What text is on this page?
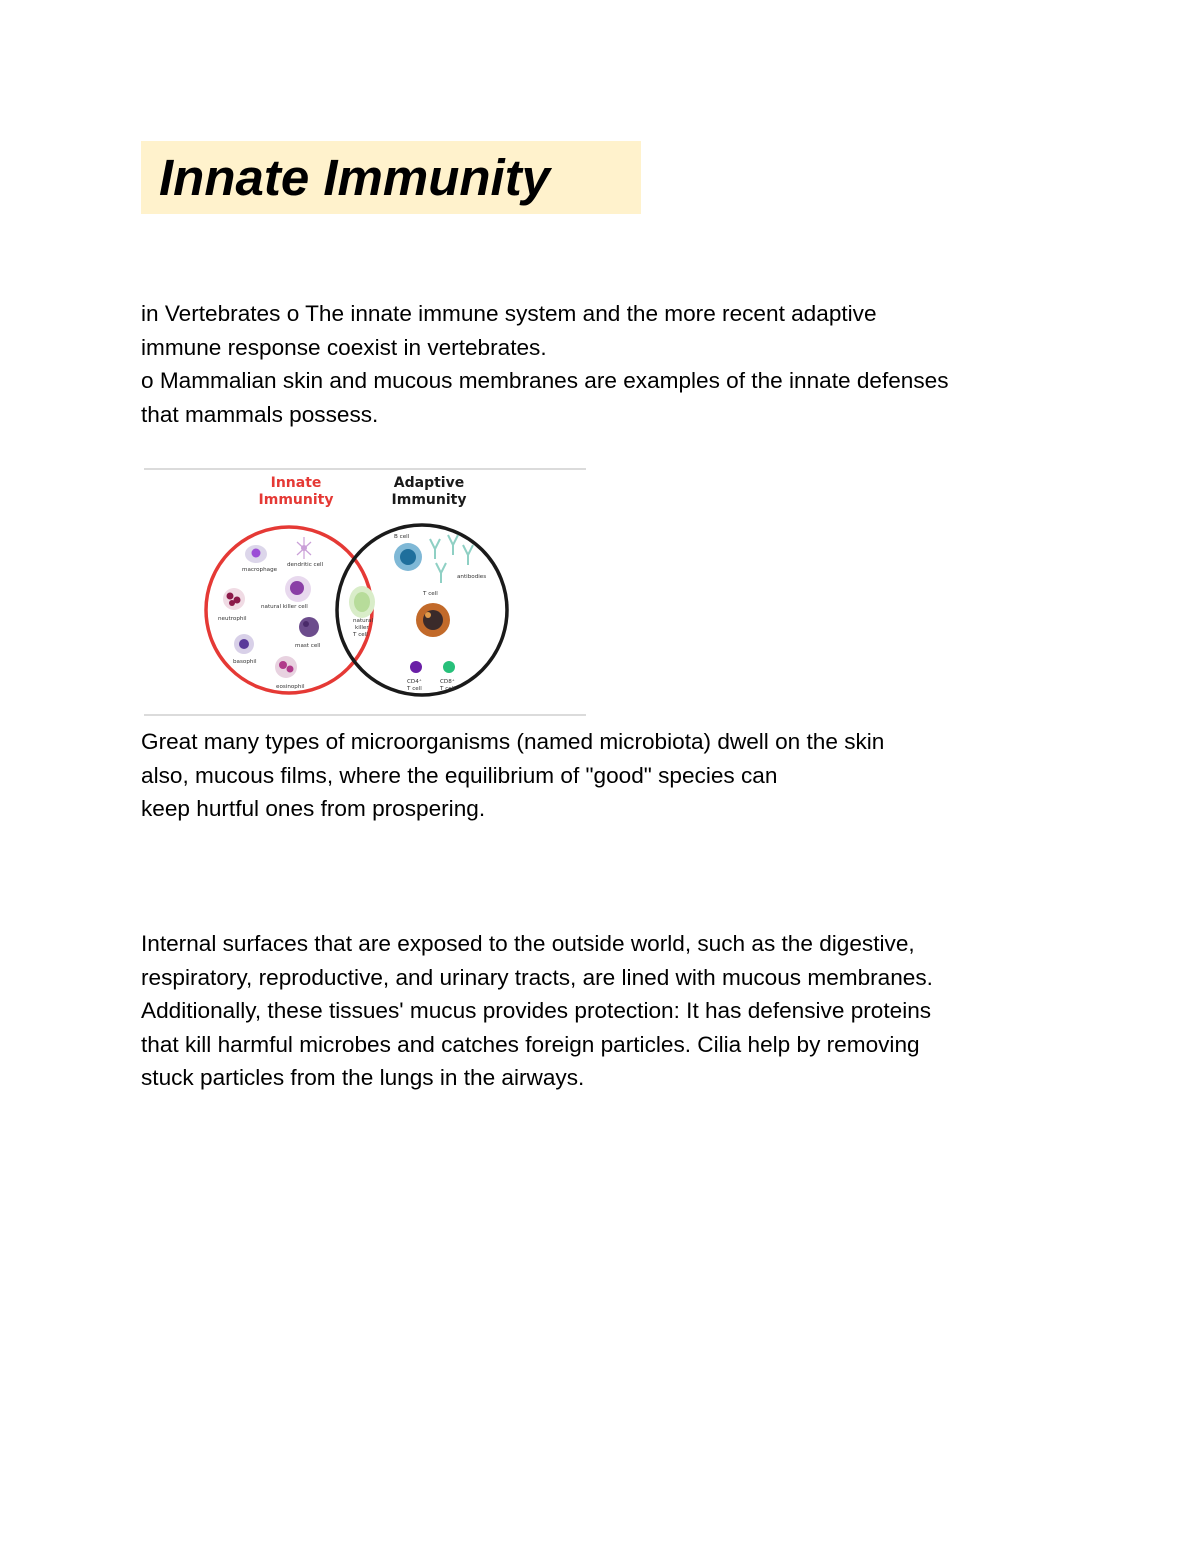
Innate Immunity
in Vertebrates o The innate immune system and the more recent adaptive
immune response coexist in vertebrates.
o Mammalian skin and mucous membranes are examples of the innate defenses
that mammals possess.
Innate
Immunity
Adaptive
Immunity
macrophage
dendritic cell
natural killer cell
neutrophil
mast cell
basophil
eosinophil
natural
killer
T cell
B cell
antibodies
T cell
CD4⁺
T cell
CD8⁺
T cell
Great many types of microorganisms (named microbiota) dwell on the skin
also, mucous films, where the equilibrium of "good" species can
keep hurtful ones from prospering.
Internal surfaces that are exposed to the outside world, such as the digestive,
respiratory, reproductive, and urinary tracts, are lined with mucous membranes.
Additionally, these tissues' mucus provides protection: It has defensive proteins
that kill harmful microbes and catches foreign particles. Cilia help by removing
stuck particles from the lungs in the airways.
